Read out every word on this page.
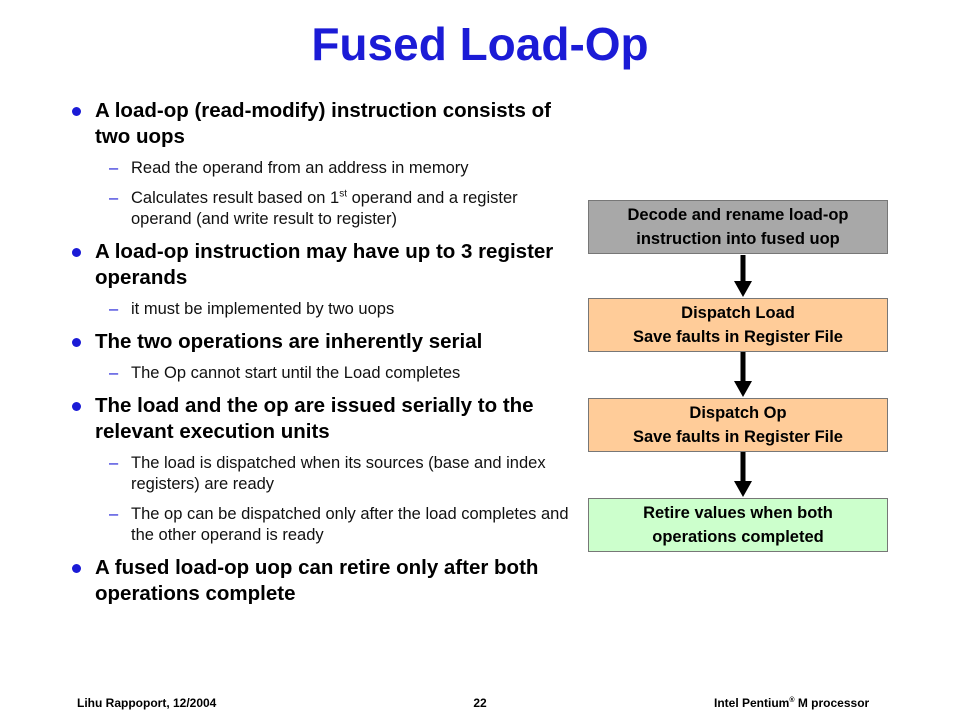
Fused Load-Op
A load-op (read-modify) instruction consists of two uops
– Read the operand from an address in memory
– Calculates result based on 1st operand and a register operand (and write result to register)
A load-op instruction may have up to 3 register operands
– it must be implemented by two uops
The two operations are inherently serial
– The Op cannot start until the Load completes
The load and the op are issued serially to the relevant execution units
– The load is dispatched when its sources (base and index registers) are ready
– The op can be dispatched only after the load completes and the other operand is ready
A fused load-op uop can retire only after both operations complete
Decode and rename load-op
instruction into fused uop
Dispatch Load
Save faults in Register File
Dispatch Op
Save faults in Register File
Retire values when both
operations completed
Lihu Rappoport, 12/2004	22	Intel Pentium® M processor
